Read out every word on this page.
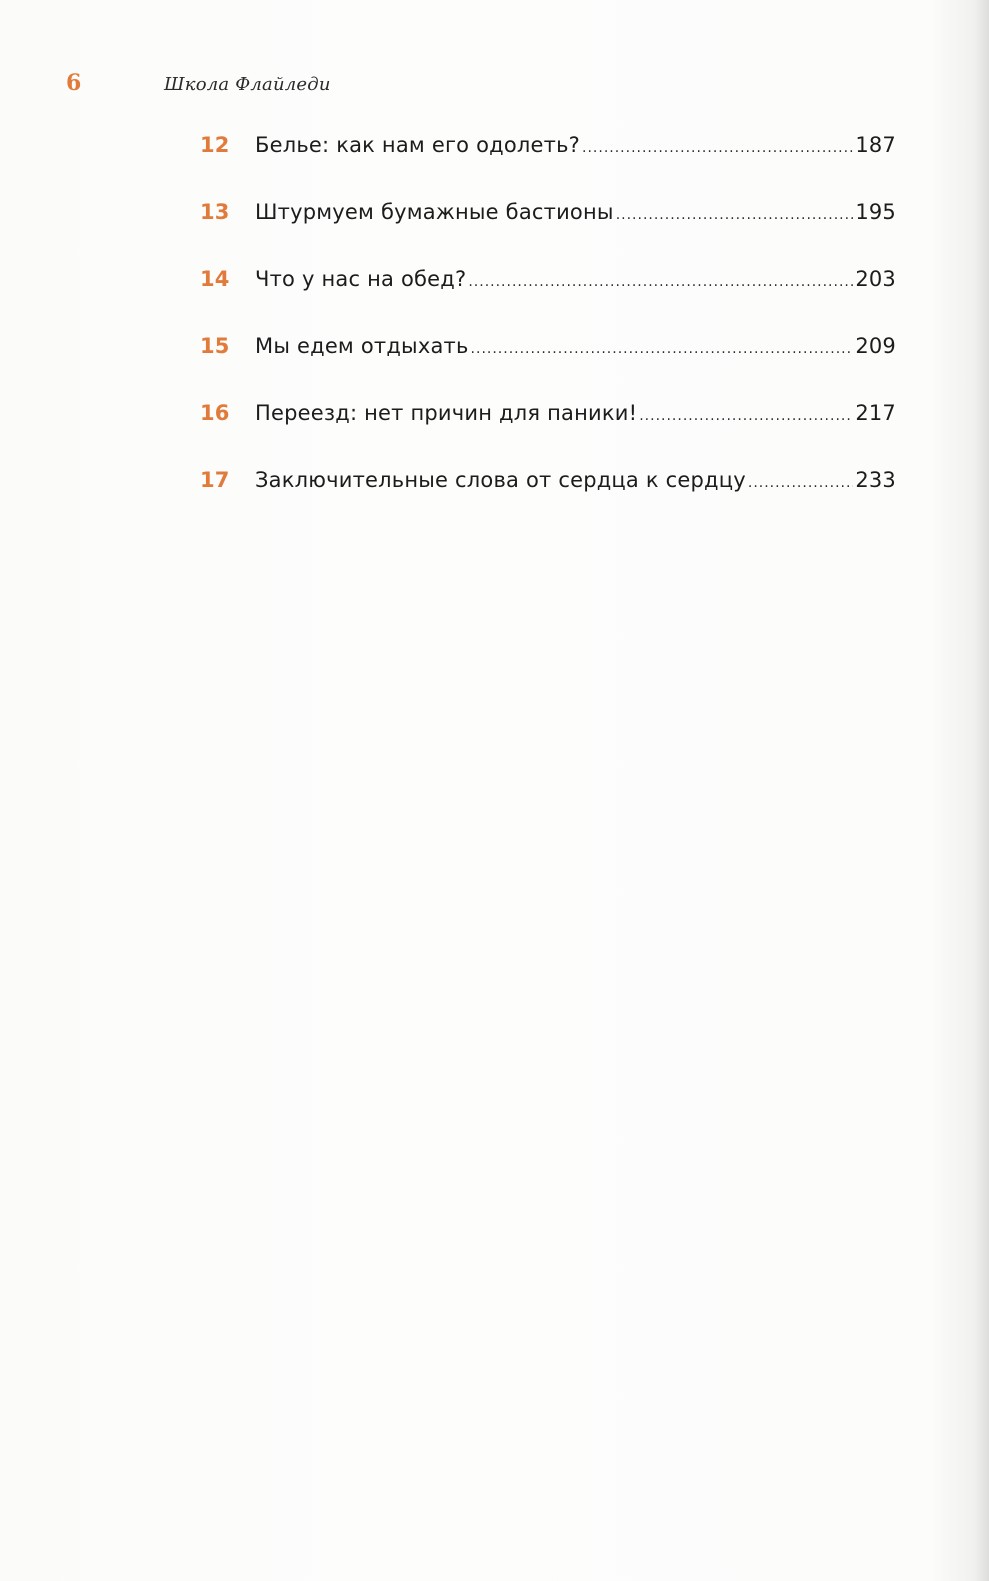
6	Школа Флайледи
12	Белье: как нам его одолеть? .....	187
13	Штурмуем бумажные бастионы .....	195
14	Что у нас на обед? .....	203
15	Мы едем отдыхать .....	209
16	Переезд: нет причин для паники! .....	217
17	Заключительные слова от сердца к сердцу .....	233
